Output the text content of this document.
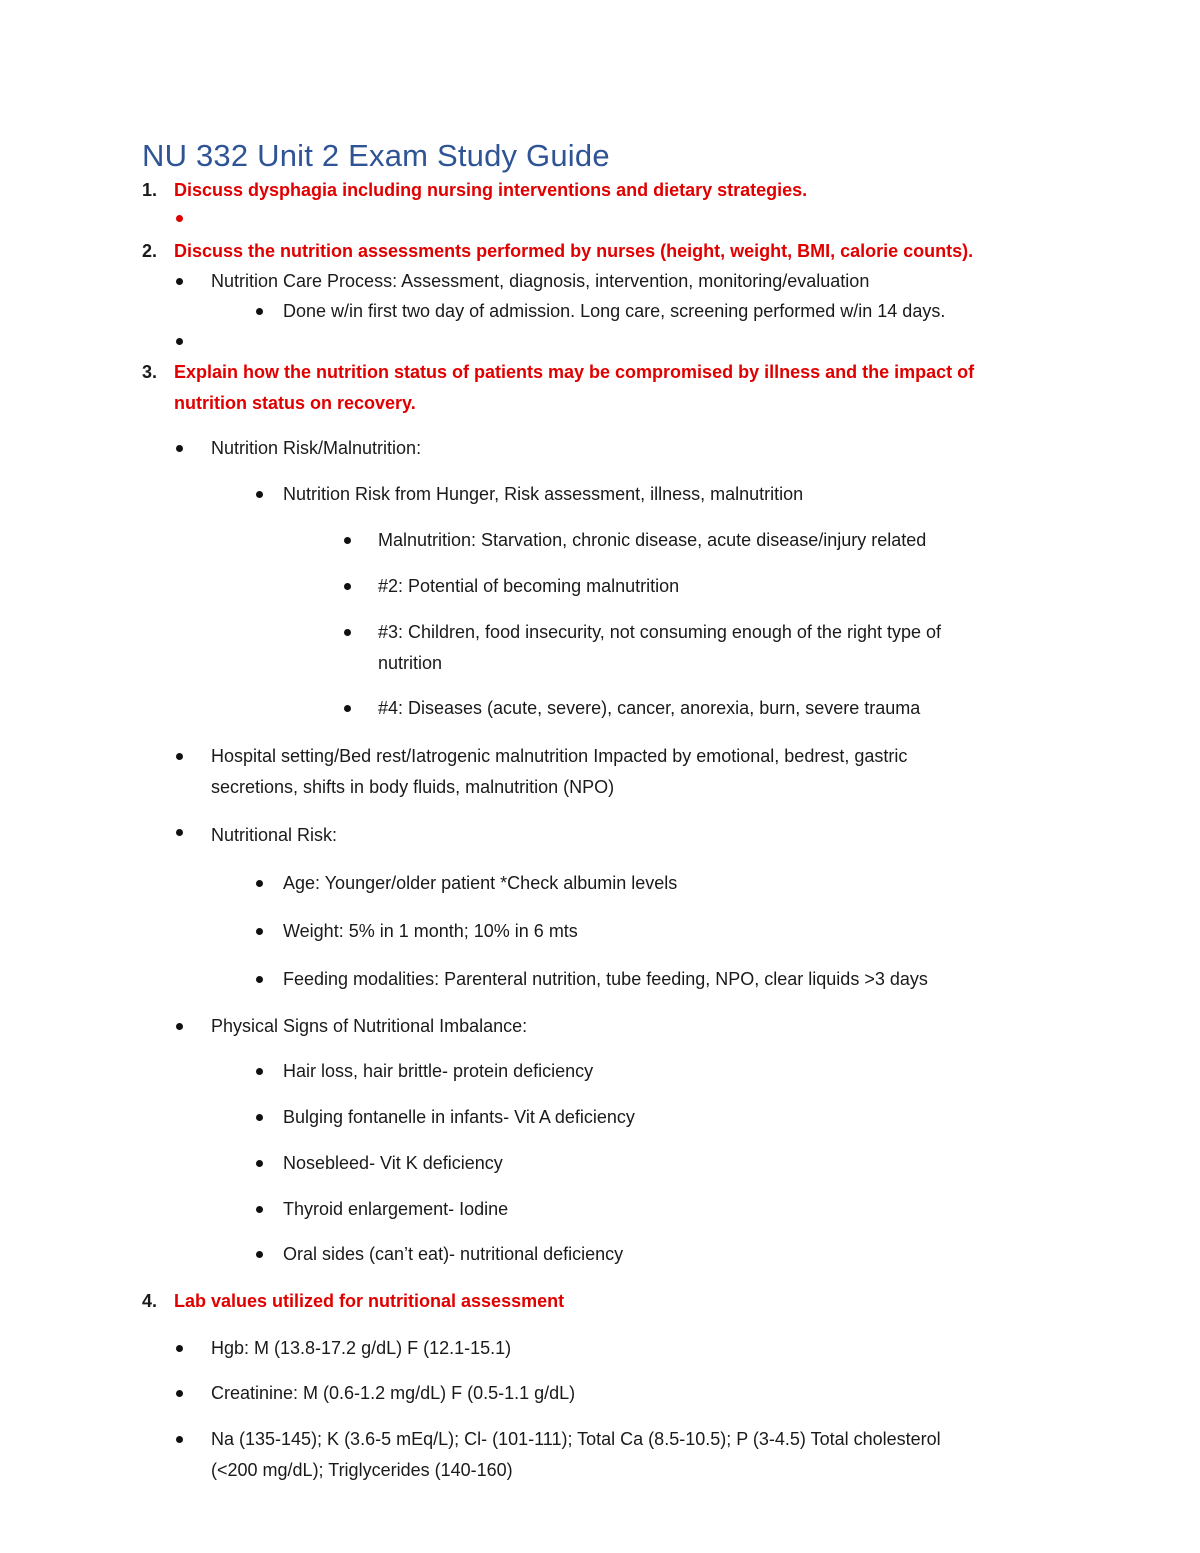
NU 332 Unit 2 Exam Study Guide
1. Discuss dysphagia including nursing interventions and dietary strategies.
2. Discuss the nutrition assessments performed by nurses (height, weight, BMI, calorie counts).
Nutrition Care Process: Assessment, diagnosis, intervention, monitoring/evaluation
Done w/in first two day of admission. Long care, screening performed w/in 14 days.
3. Explain how the nutrition status of patients may be compromised by illness and the impact of
nutrition status on recovery.
Nutrition Risk/Malnutrition:
Nutrition Risk from Hunger, Risk assessment, illness, malnutrition
Malnutrition: Starvation, chronic disease, acute disease/injury related
#2: Potential of becoming malnutrition
#3: Children, food insecurity, not consuming enough of the right type of
nutrition
#4: Diseases (acute, severe), cancer, anorexia, burn, severe trauma
Hospital setting/Bed rest/Iatrogenic malnutrition Impacted by emotional, bedrest, gastric
secretions, shifts in body fluids, malnutrition (NPO)
Nutritional Risk:
Age: Younger/older patient *Check albumin levels
Weight: 5% in 1 month; 10% in 6 mts
Feeding modalities: Parenteral nutrition, tube feeding, NPO, clear liquids >3 days
Physical Signs of Nutritional Imbalance:
Hair loss, hair brittle- protein deficiency
Bulging fontanelle in infants- Vit A deficiency
Nosebleed- Vit K deficiency
Thyroid enlargement- Iodine
Oral sides (can’t eat)- nutritional deficiency
4. Lab values utilized for nutritional assessment
Hgb: M (13.8-17.2 g/dL) F (12.1-15.1)
Creatinine: M (0.6-1.2 mg/dL) F (0.5-1.1 g/dL)
Na (135-145); K (3.6-5 mEq/L); Cl- (101-111); Total Ca (8.5-10.5); P (3-4.5) Total cholesterol
(<200 mg/dL); Triglycerides (140-160)
